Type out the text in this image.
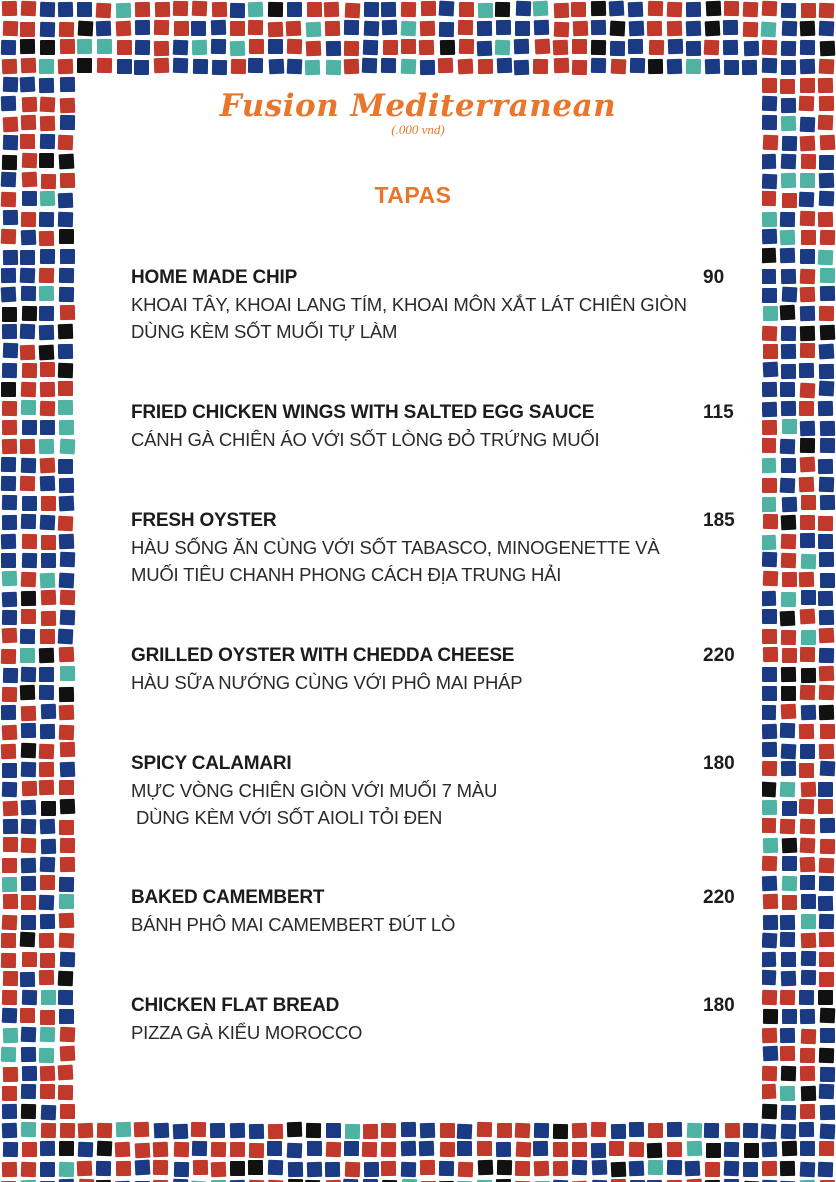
Fusion Mediterranean
(.000 vnd)
TAPAS
HOME MADE CHIP
KHOAI TÂY, KHOAI LANG TÍM, KHOAI MÔN XẮT LÁT CHIÊN GIÒN
DÙNG KÈM SỐT MUỐI TỰ LÀM
90
FRIED CHICKEN WINGS WITH SALTED EGG SAUCE
CÁNH GÀ CHIÊN ÁO VỚI SỐT LÒNG ĐỎ TRỨNG MUỐI
115
FRESH OYSTER
HÀU SỐNG ĂN CÙNG VỚI SỐT TABASCO, MINOGENETTE VÀ
MUỐI TIÊU CHANH PHONG CÁCH ĐỊA TRUNG HẢI
185
GRILLED OYSTER WITH CHEDDA CHEESE
HÀU SỮA NƯỚNG CÙNG VỚI PHÔ MAI PHÁP
220
SPICY CALAMARI
MỰC VÒNG CHIÊN GIÒN VỚI MUỐI 7 MÀU
DÙNG KÈM VỚI SỐT AIOLI TỎI ĐEN
180
BAKED CAMEMBERT
BÁNH PHÔ MAI CAMEMBERT ĐÚT LÒ
220
CHICKEN FLAT BREAD
PIZZA GÀ KIỂU MOROCCO
180
